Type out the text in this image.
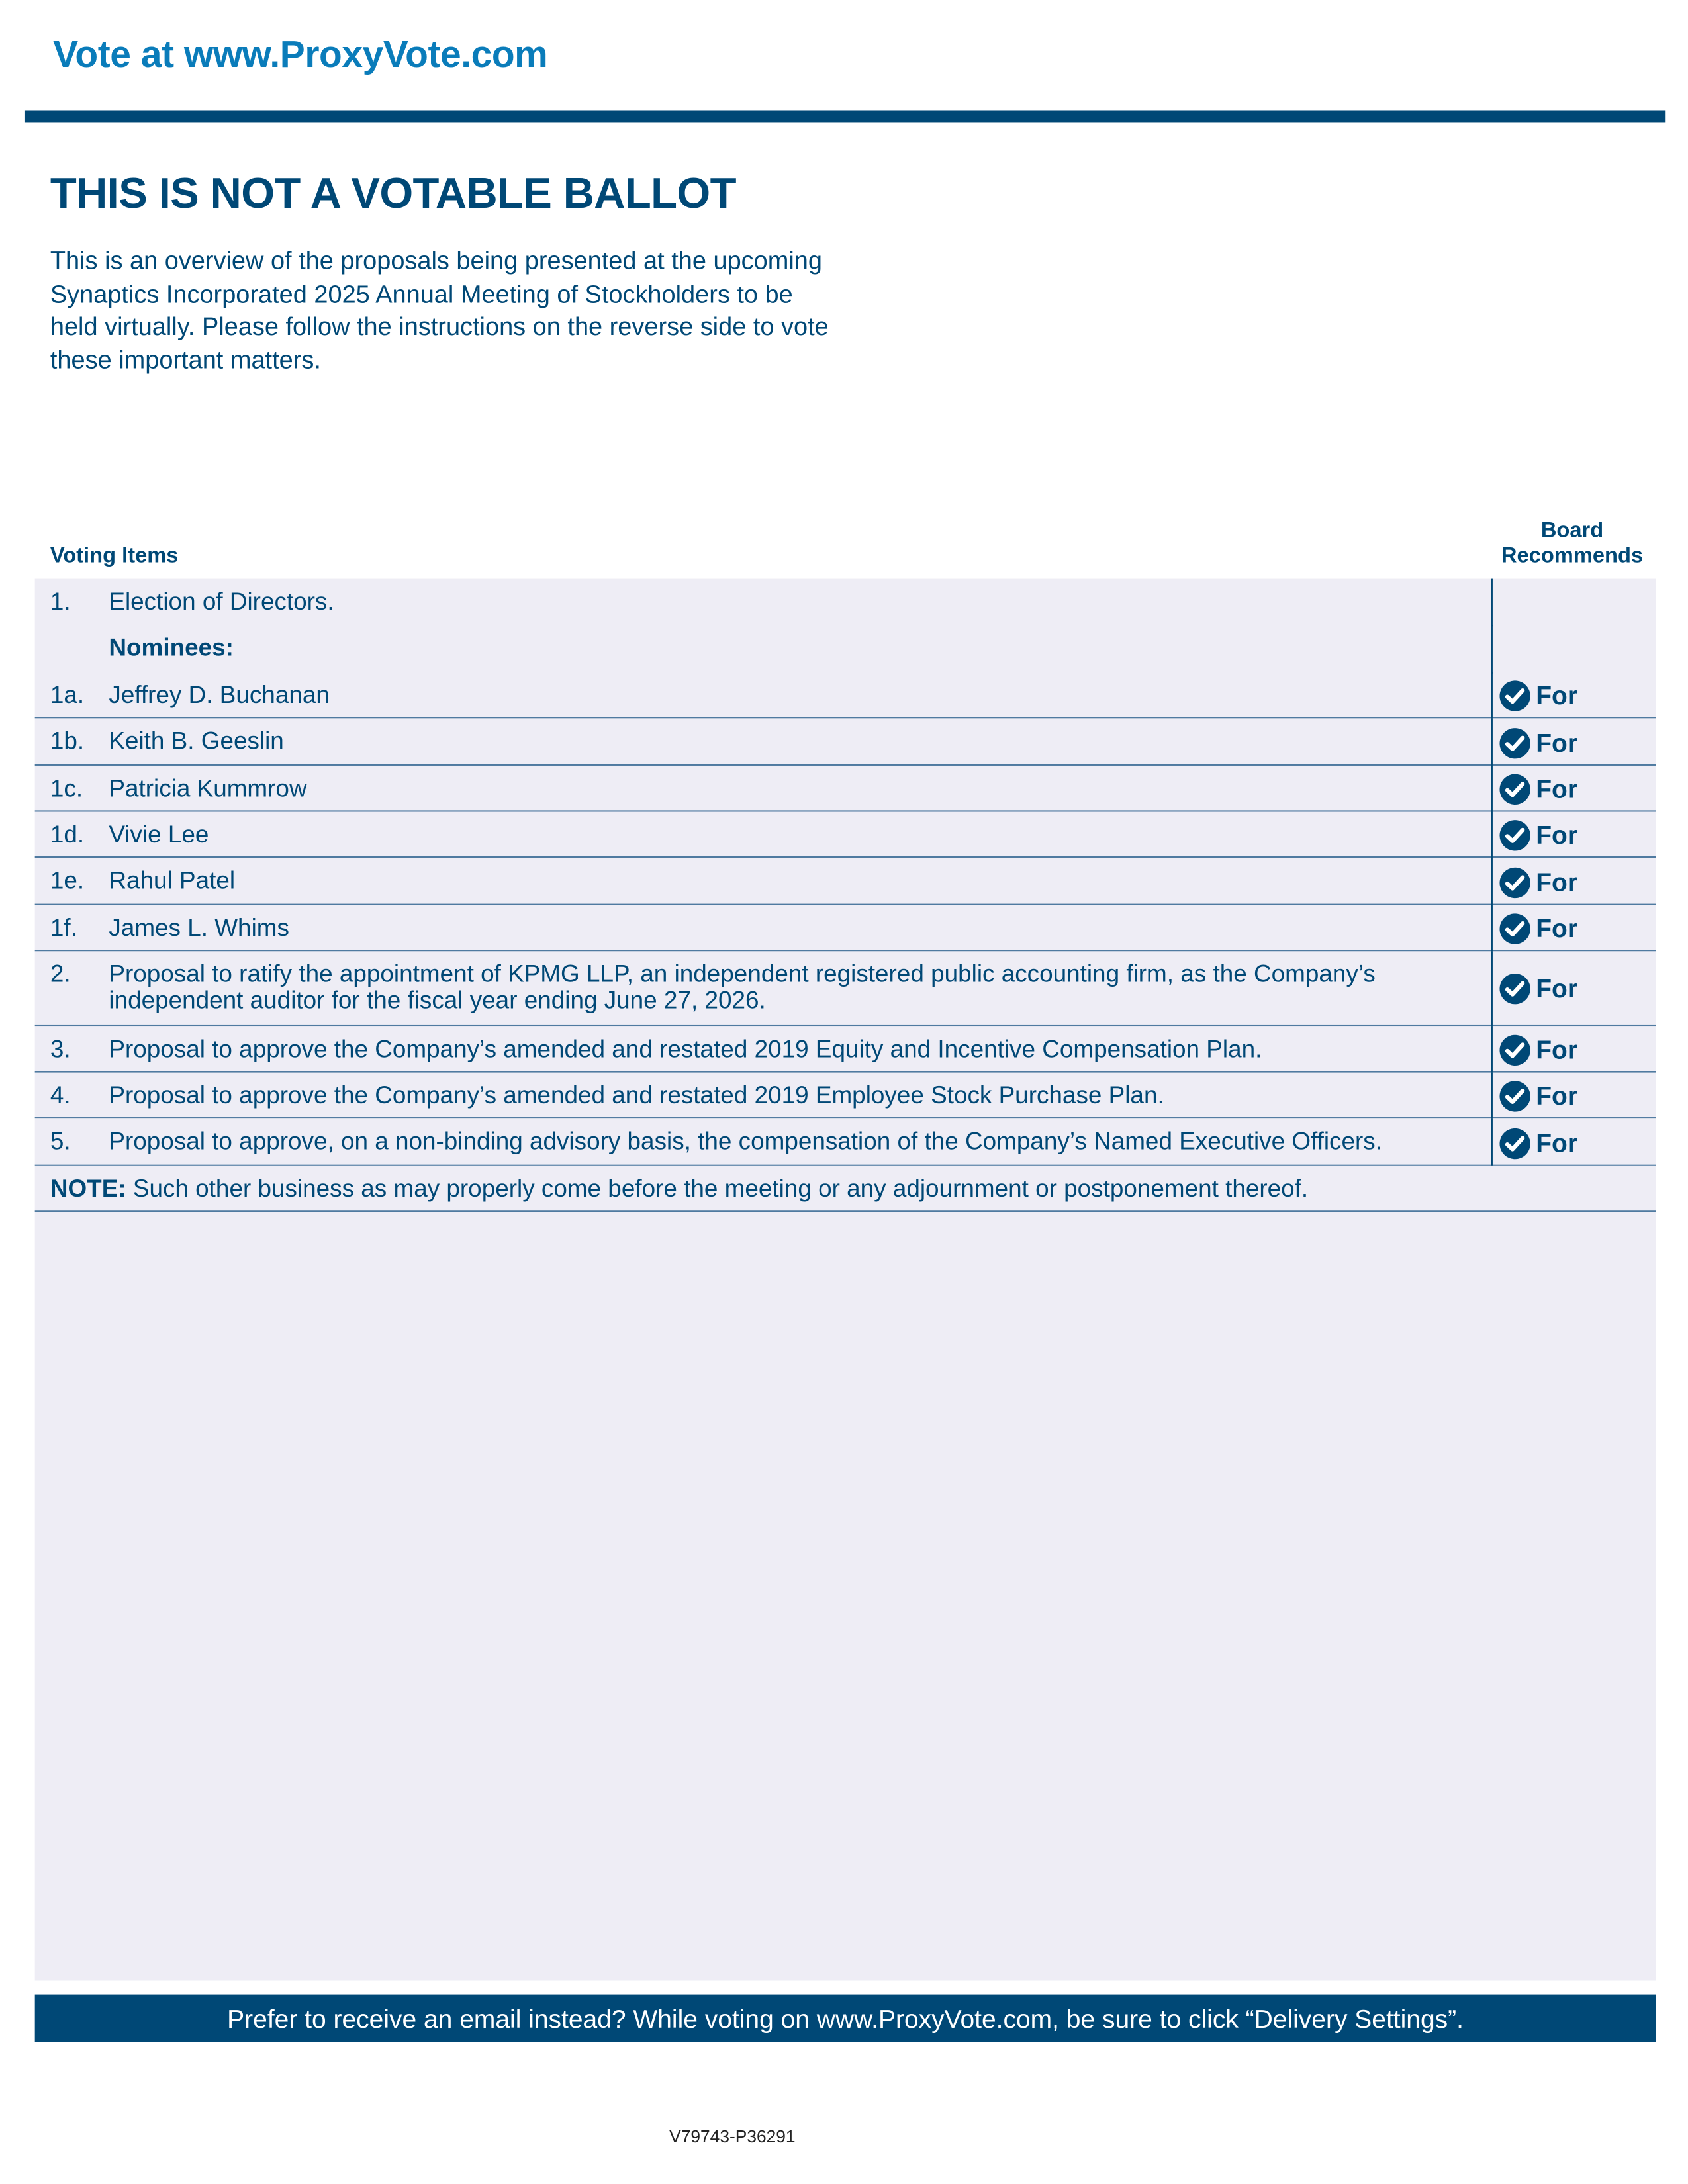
Vote at www.ProxyVote.com
THIS IS NOT A VOTABLE BALLOT
This is an overview of the proposals being presented at the upcoming Synaptics Incorporated 2025 Annual Meeting of Stockholders to be held virtually. Please follow the instructions on the reverse side to vote these important matters.
Voting Items
Board Recommends
1.	Election of Directors.
Nominees:
1a.	Jeffrey D. Buchanan	For
1b.	Keith B. Geeslin	For
1c.	Patricia Kummrow	For
1d.	Vivie Lee	For
1e.	Rahul Patel	For
1f.	James L. Whims	For
2.	Proposal to ratify the appointment of KPMG LLP, an independent registered public accounting firm, as the Company’s
independent auditor for the fiscal year ending June 27, 2026.	For
3.	Proposal to approve the Company’s amended and restated 2019 Equity and Incentive Compensation Plan.	For
4.	Proposal to approve the Company’s amended and restated 2019 Employee Stock Purchase Plan.	For
5.	Proposal to approve, on a non-binding advisory basis, the compensation of the Company’s Named Executive Officers.	For
NOTE: Such other business as may properly come before the meeting or any adjournment or postponement thereof.
Prefer to receive an email instead? While voting on www.ProxyVote.com, be sure to click “Delivery Settings”.
V79743-P36291
